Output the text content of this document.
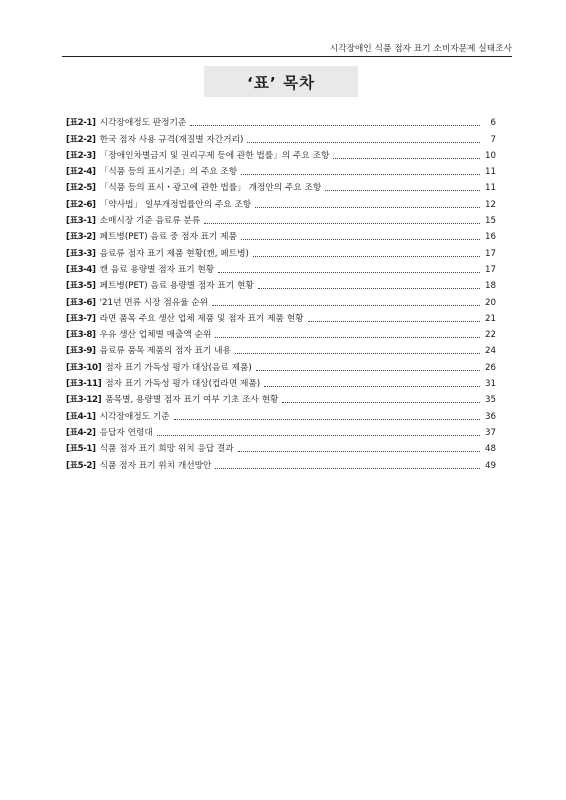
시각장애인 식품 점자 표기 소비자문제 실태조사
‘표’ 목차
[표2-1] 시각장애정도 판정기준	6
[표2-2] 한국 점자 사용 규격(재질별 자간거리)	7
[표2-3] 「장애인차별금지 및 권리구제 등에 관한 법률」의 주요 조항	10
[표2-4] 「식품 등의 표시기준」의 주요 조항	11
[표2-5] 「식품 등의 표시・광고에 관한 법률」 개정안의 주요 조항	11
[표2-6] 「약사법」 일부개정법률안의 주요 조항	12
[표3-1] 소매시장 기준 음료류 분류	15
[표3-2] 페트병(PET) 음료 중 점자 표기 제품	16
[표3-3] 음료류 점자 표기 제품 현황(캔, 페트병)	17
[표3-4] 캔 음료 용량별 점자 표기 현황	17
[표3-5] 페트병(PET) 음료 용량별 점자 표기 현황	18
[표3-6] '21년 면류 시장 점유율 순위	20
[표3-7] 라면 품목 주요 생산 업체 제품 및 점자 표기 제품 현황	21
[표3-8] 우유 생산 업체별 매출액 순위	22
[표3-9] 음료류 품목 제품의 점자 표기 내용	24
[표3-10] 점자 표기 가독성 평가 대상(음료 제품)	26
[표3-11] 점자 표기 가독성 평가 대상(컵라면 제품)	31
[표3-12] 품목별, 용량별 점자 표기 여부 기초 조사 현황	35
[표4-1] 시각장애정도 기준	36
[표4-2] 응답자 연령대	37
[표5-1] 식품 점자 표기 희망 위치 응답 결과	48
[표5-2] 식품 점자 표기 위치 개선방안	49
